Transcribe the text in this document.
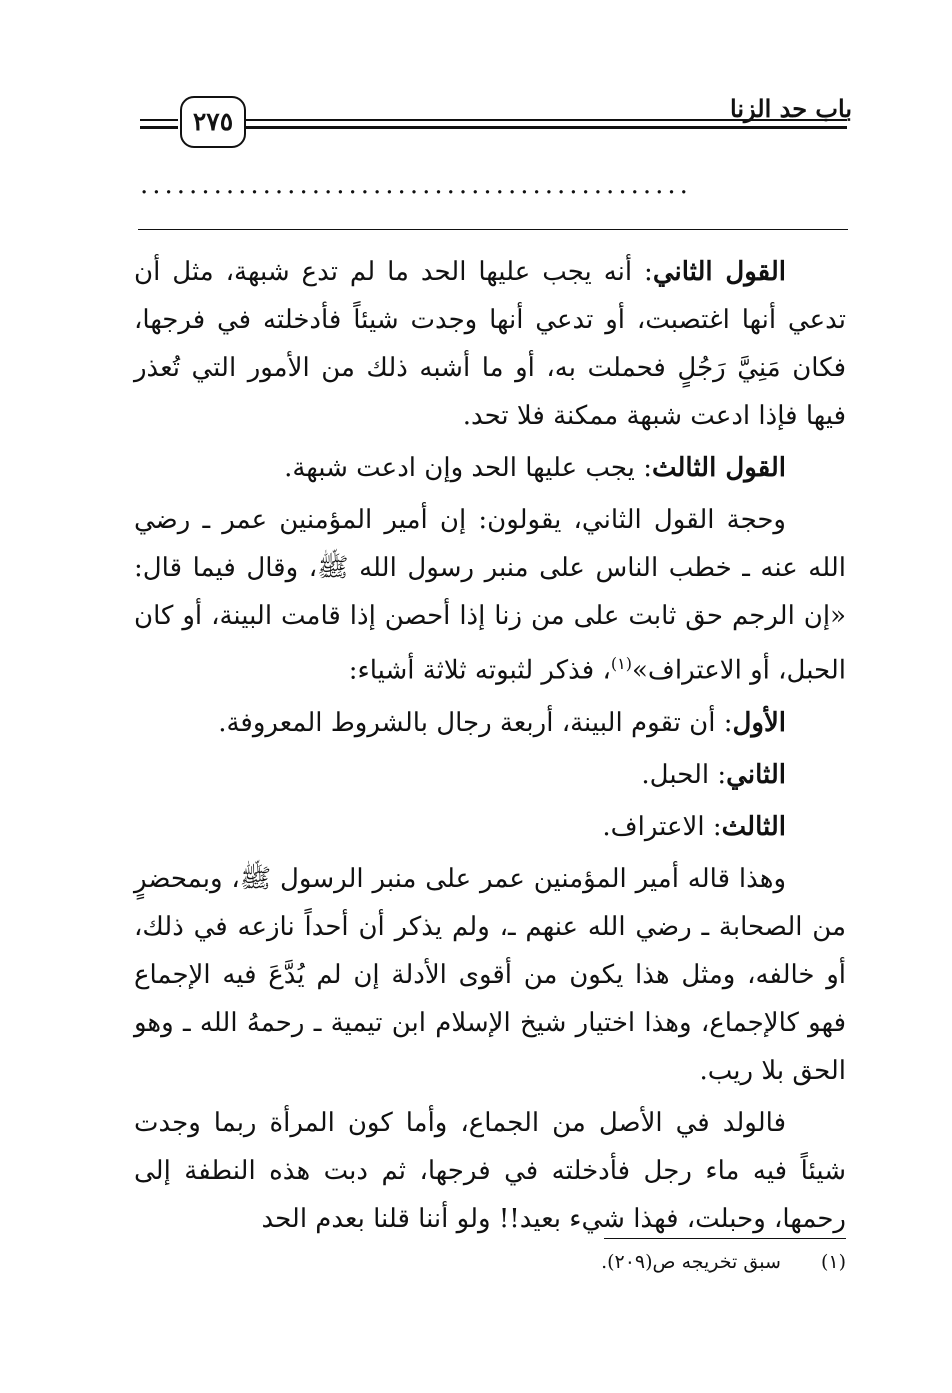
باب حد الزنا
٢٧٥
.............................................

القول الثاني: أنه يجب عليها الحد ما لم تدع شبهة، مثل أن تدعي أنها اغتصبت، أو تدعي أنها وجدت شيئاً فأدخلته في فرجها، فكان مَنِيَّ رَجُلٍ فحملت به، أو ما أشبه ذلك من الأمور التي تُعذر فيها فإذا ادعت شبهة ممكنة فلا تحد.

القول الثالث: يجب عليها الحد وإن ادعت شبهة.

وحجة القول الثاني، يقولون: إن أمير المؤمنين عمر ـ رضي الله عنه ـ خطب الناس على منبر رسول الله ﷺ، وقال فيما قال: «إن الرجم حق ثابت على من زنا إذا أحصن إذا قامت البينة، أو كان الحبل، أو الاعتراف»$^{(١)}$، فذكر لثبوته ثلاثة أشياء:

الأول: أن تقوم البينة، أربعة رجال بالشروط المعروفة.

الثاني: الحبل.

الثالث: الاعتراف.

وهذا قاله أمير المؤمنين عمر على منبر الرسول ﷺ، وبمحضرٍ من الصحابة ـ رضي الله عنهم ـ، ولم يذكر أن أحداً نازعه في ذلك، أو خالفه، ومثل هذا يكون من أقوى الأدلة إن لم يُدَّعَ فيه الإجماع فهو كالإجماع، وهذا اختيار شيخ الإسلام ابن تيمية ـ رحمهُ الله ـ وهو الحق بلا ريب.

فالولد في الأصل من الجماع، وأما كون المرأة ربما وجدت شيئاً فيه ماء رجل فأدخلته في فرجها، ثم دبت هذه النطفة إلى رحمها، وحبلت، فهذا شيء بعيد!! ولو أننا قلنا بعدم الحد

(١) سبق تخريجه ص(٢٠٩).
